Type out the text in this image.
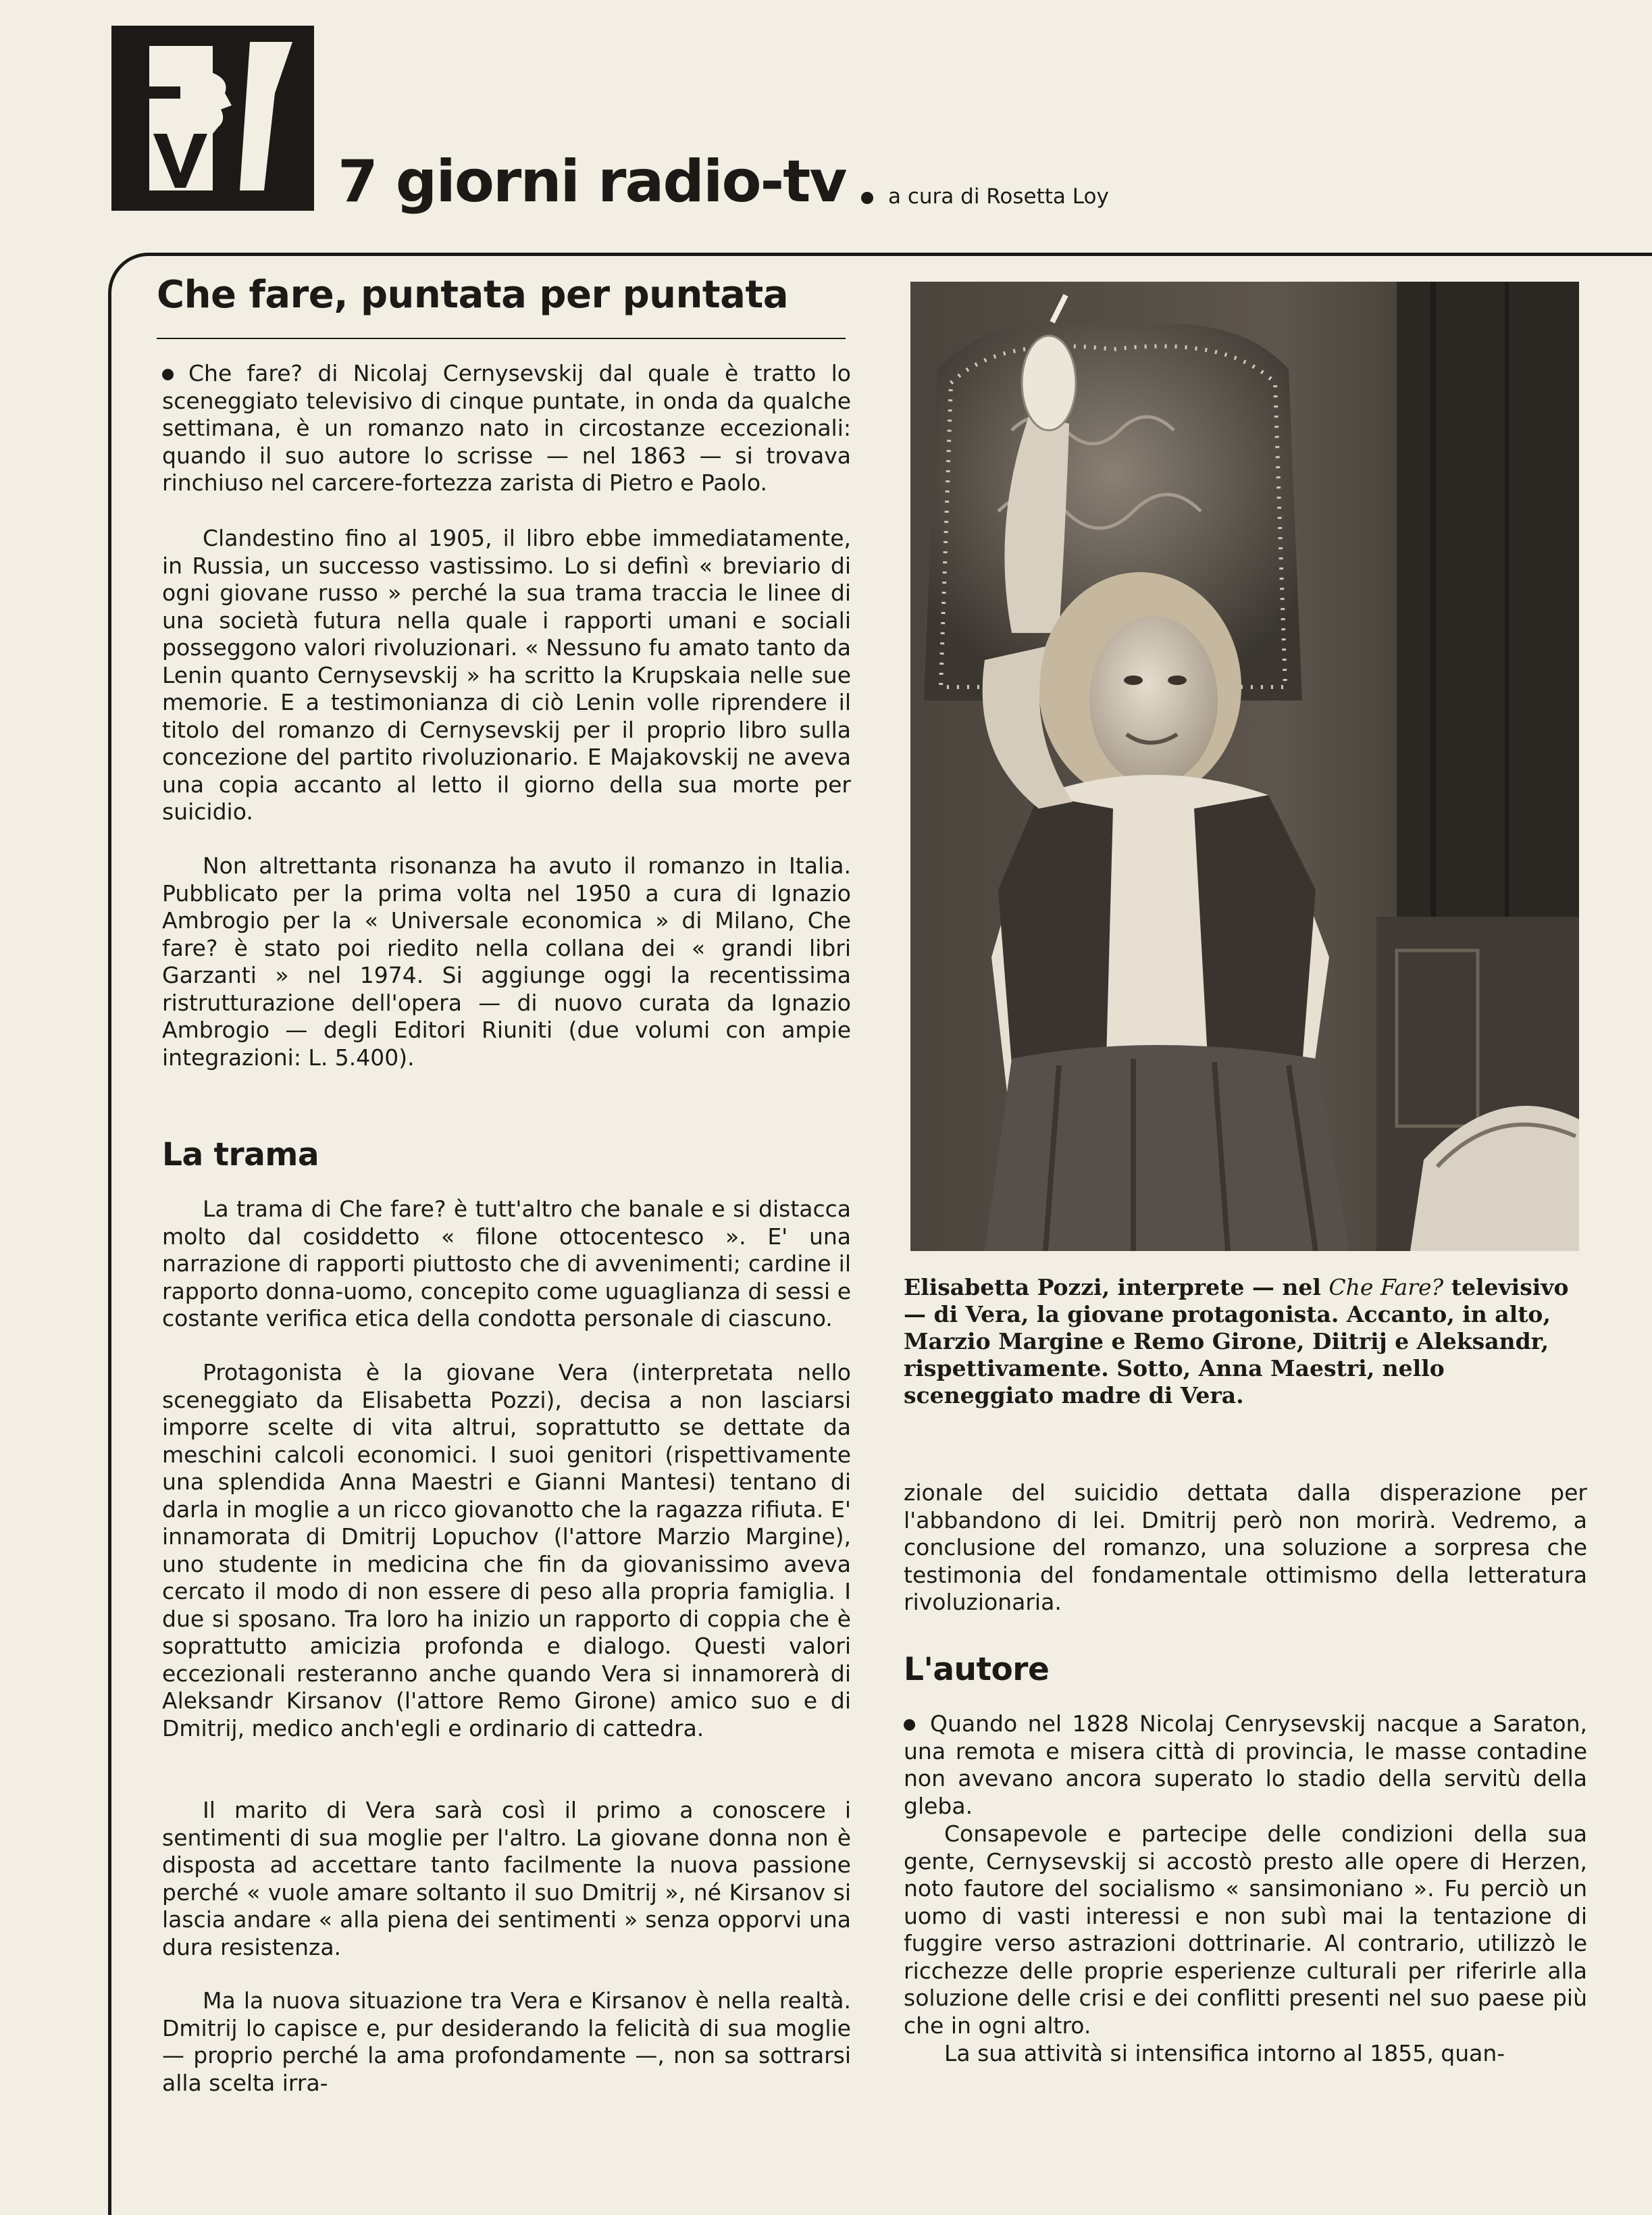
7 giorni radio-tv	a cura di Rosetta Loy
Che fare, puntata per puntata
Che fare? di Nicolaj Cernysevskij dal quale è tratto lo sceneggiato televisivo di cinque puntate, in onda da qualche settimana, è un romanzo nato in circostanze eccezionali: quando il suo autore lo scrisse — nel 1863 — si trovava rinchiuso nel carcere-fortezza zarista di Pietro e Paolo.
Clandestino fino al 1905, il libro ebbe immediatamente, in Russia, un successo vastissimo. Lo si definì « breviario di ogni giovane russo » perché la sua trama traccia le linee di una società futura nella quale i rapporti umani e sociali posseggono valori rivoluzionari. « Nessuno fu amato tanto da Lenin quanto Cernysevskij » ha scritto la Krupskaia nelle sue memorie. E a testimonianza di ciò Lenin volle riprendere il titolo del romanzo di Cernysevskij per il proprio libro sulla concezione del partito rivoluzionario. E Majakovskij ne aveva una copia accanto al letto il giorno della sua morte per suicidio.
Non altrettanta risonanza ha avuto il romanzo in Italia. Pubblicato per la prima volta nel 1950 a cura di Ignazio Ambrogio per la « Universale economica » di Milano, Che fare? è stato poi riedito nella collana dei « grandi libri Garzanti » nel 1974. Si aggiunge oggi la recentissima ristrutturazione dell'opera — di nuovo curata da Ignazio Ambrogio — degli Editori Riuniti (due volumi con ampie integrazioni: L. 5.400).
La trama
La trama di Che fare? è tutt'altro che banale e si distacca molto dal cosiddetto « filone ottocentesco ». E' una narrazione di rapporti piuttosto che di avvenimenti; cardine il rapporto donna-uomo, concepito come uguaglianza di sessi e costante verifica etica della condotta personale di ciascuno.
Protagonista è la giovane Vera (interpretata nello sceneggiato da Elisabetta Pozzi), decisa a non lasciarsi imporre scelte di vita altrui, soprattutto se dettate da meschini calcoli economici. I suoi genitori (rispettivamente una splendida Anna Maestri e Gianni Mantesi) tentano di darla in moglie a un ricco giovanotto che la ragazza rifiuta. E' innamorata di Dmitrij Lopuchov (l'attore Marzio Margine), uno studente in medicina che fin da giovanissimo aveva cercato il modo di non essere di peso alla propria famiglia. I due si sposano. Tra loro ha inizio un rapporto di coppia che è soprattutto amicizia profonda e dialogo. Questi valori eccezionali resteranno anche quando Vera si innamorerà di Aleksandr Kirsanov (l'attore Remo Girone) amico suo e di Dmitrij, medico anch'egli e ordinario di cattedra.
Il marito di Vera sarà così il primo a conoscere i sentimenti di sua moglie per l'altro. La giovane donna non è disposta ad accettare tanto facilmente la nuova passione perché « vuole amare soltanto il suo Dmitrij », né Kirsanov si lascia andare « alla piena dei sentimenti » senza opporvi una dura resistenza.
Ma la nuova situazione tra Vera e Kirsanov è nella realtà. Dmitrij lo capisce e, pur desiderando la felicità di sua moglie — proprio perché la ama profondamente —, non sa sottrarsi alla scelta irra-
Elisabetta Pozzi, interprete — nel Che Fare? televisivo — di Vera, la giovane protagonista. Accanto, in alto, Marzio Margine e Remo Girone, Diitrij e Aleksandr, rispettivamente. Sotto, Anna Maestri, nello sceneggiato madre di Vera.
zionale del suicidio dettata dalla disperazione per l'abbandono di lei. Dmitrij però non morirà. Vedremo, a conclusione del romanzo, una soluzione a sorpresa che testimonia del fondamentale ottimismo della letteratura rivoluzionaria.
L'autore
Quando nel 1828 Nicolaj Cenrysevskij nacque a Saraton, una remota e misera città di provincia, le masse contadine non avevano ancora superato lo stadio della servitù della gleba.
Consapevole e partecipe delle condizioni della sua gente, Cernysevskij si accostò presto alle opere di Herzen, noto fautore del socialismo « sansimoniano ». Fu perciò un uomo di vasti interessi e non subì mai la tentazione di fuggire verso astrazioni dottrinarie. Al contrario, utilizzò le ricchezze delle proprie esperienze culturali per riferirle alla soluzione delle crisi e dei conflitti presenti nel suo paese più che in ogni altro.
La sua attività si intensifica intorno al 1855, quan-
